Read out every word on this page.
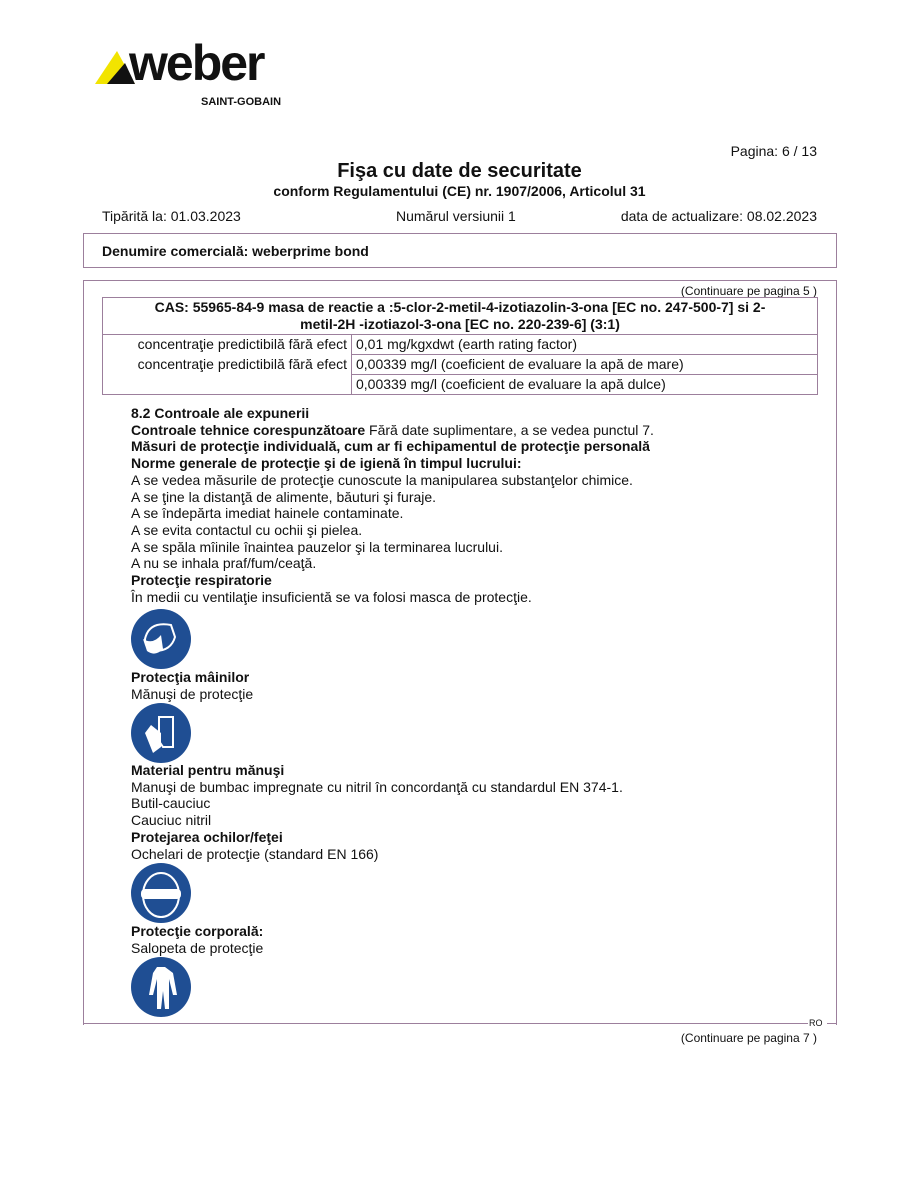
weber
SAINT-GOBAIN
Pagina: 6 / 13
Fişa cu date de securitate
conform Regulamentului (CE) nr. 1907/2006, Articolul 31
Tipărită la: 01.03.2023	Numărul versiunii 1	data de actualizare: 08.02.2023
Denumire comercială: weberprime bond
RO
(Continuare pe pagina 5 )
CAS: 55965-84-9 masa de reactie a :5-clor-2-metil-4-izotiazolin-3-ona [EC no. 247-500-7] si 2-
metil-2H -izotiazol-3-ona [EC no. 220-239-6] (3:1)	

concentraţie predictibilă fără efect	0,01 mg/kgxdwt (earth rating factor)
concentraţie predictibilă fără efect	0,00339 mg/l (coeficient de evaluare la apă de mare)
	0,00339 mg/l (coeficient de evaluare la apă dulce)
8.2 Controale ale expunerii
Controale tehnice corespunzătoare Fără date suplimentare, a se vedea punctul 7.
Măsuri de protecţie individuală, cum ar fi echipamentul de protecţie personală
Norme generale de protecţie şi de igienă în timpul lucrului:
A se vedea măsurile de protecţie cunoscute la manipularea substanţelor chimice.
A se ţine la distanţă de alimente, băuturi şi furaje.
A se îndepărta imediat hainele contaminate.
A se evita contactul cu ochii şi pielea.
A se spăla mîinile înaintea pauzelor şi la terminarea lucrului.
A nu se inhala praf/fum/ceaţă.
Protecţie respiratorie
În medii cu ventilaţie insuficientă se va folosi masca de protecţie.
Protecţia mâinilor
Mănuşi de protecţie
Material pentru mănuşi
Manuşi de bumbac impregnate cu nitril în concordanţă cu standardul EN 374-1.
Butil-cauciuc
Cauciuc nitril
Protejarea ochilor/feţei
Ochelari de protecţie (standard EN 166)
Protecţie corporală:
Salopeta de protecţie
(Continuare pe pagina 7 )
